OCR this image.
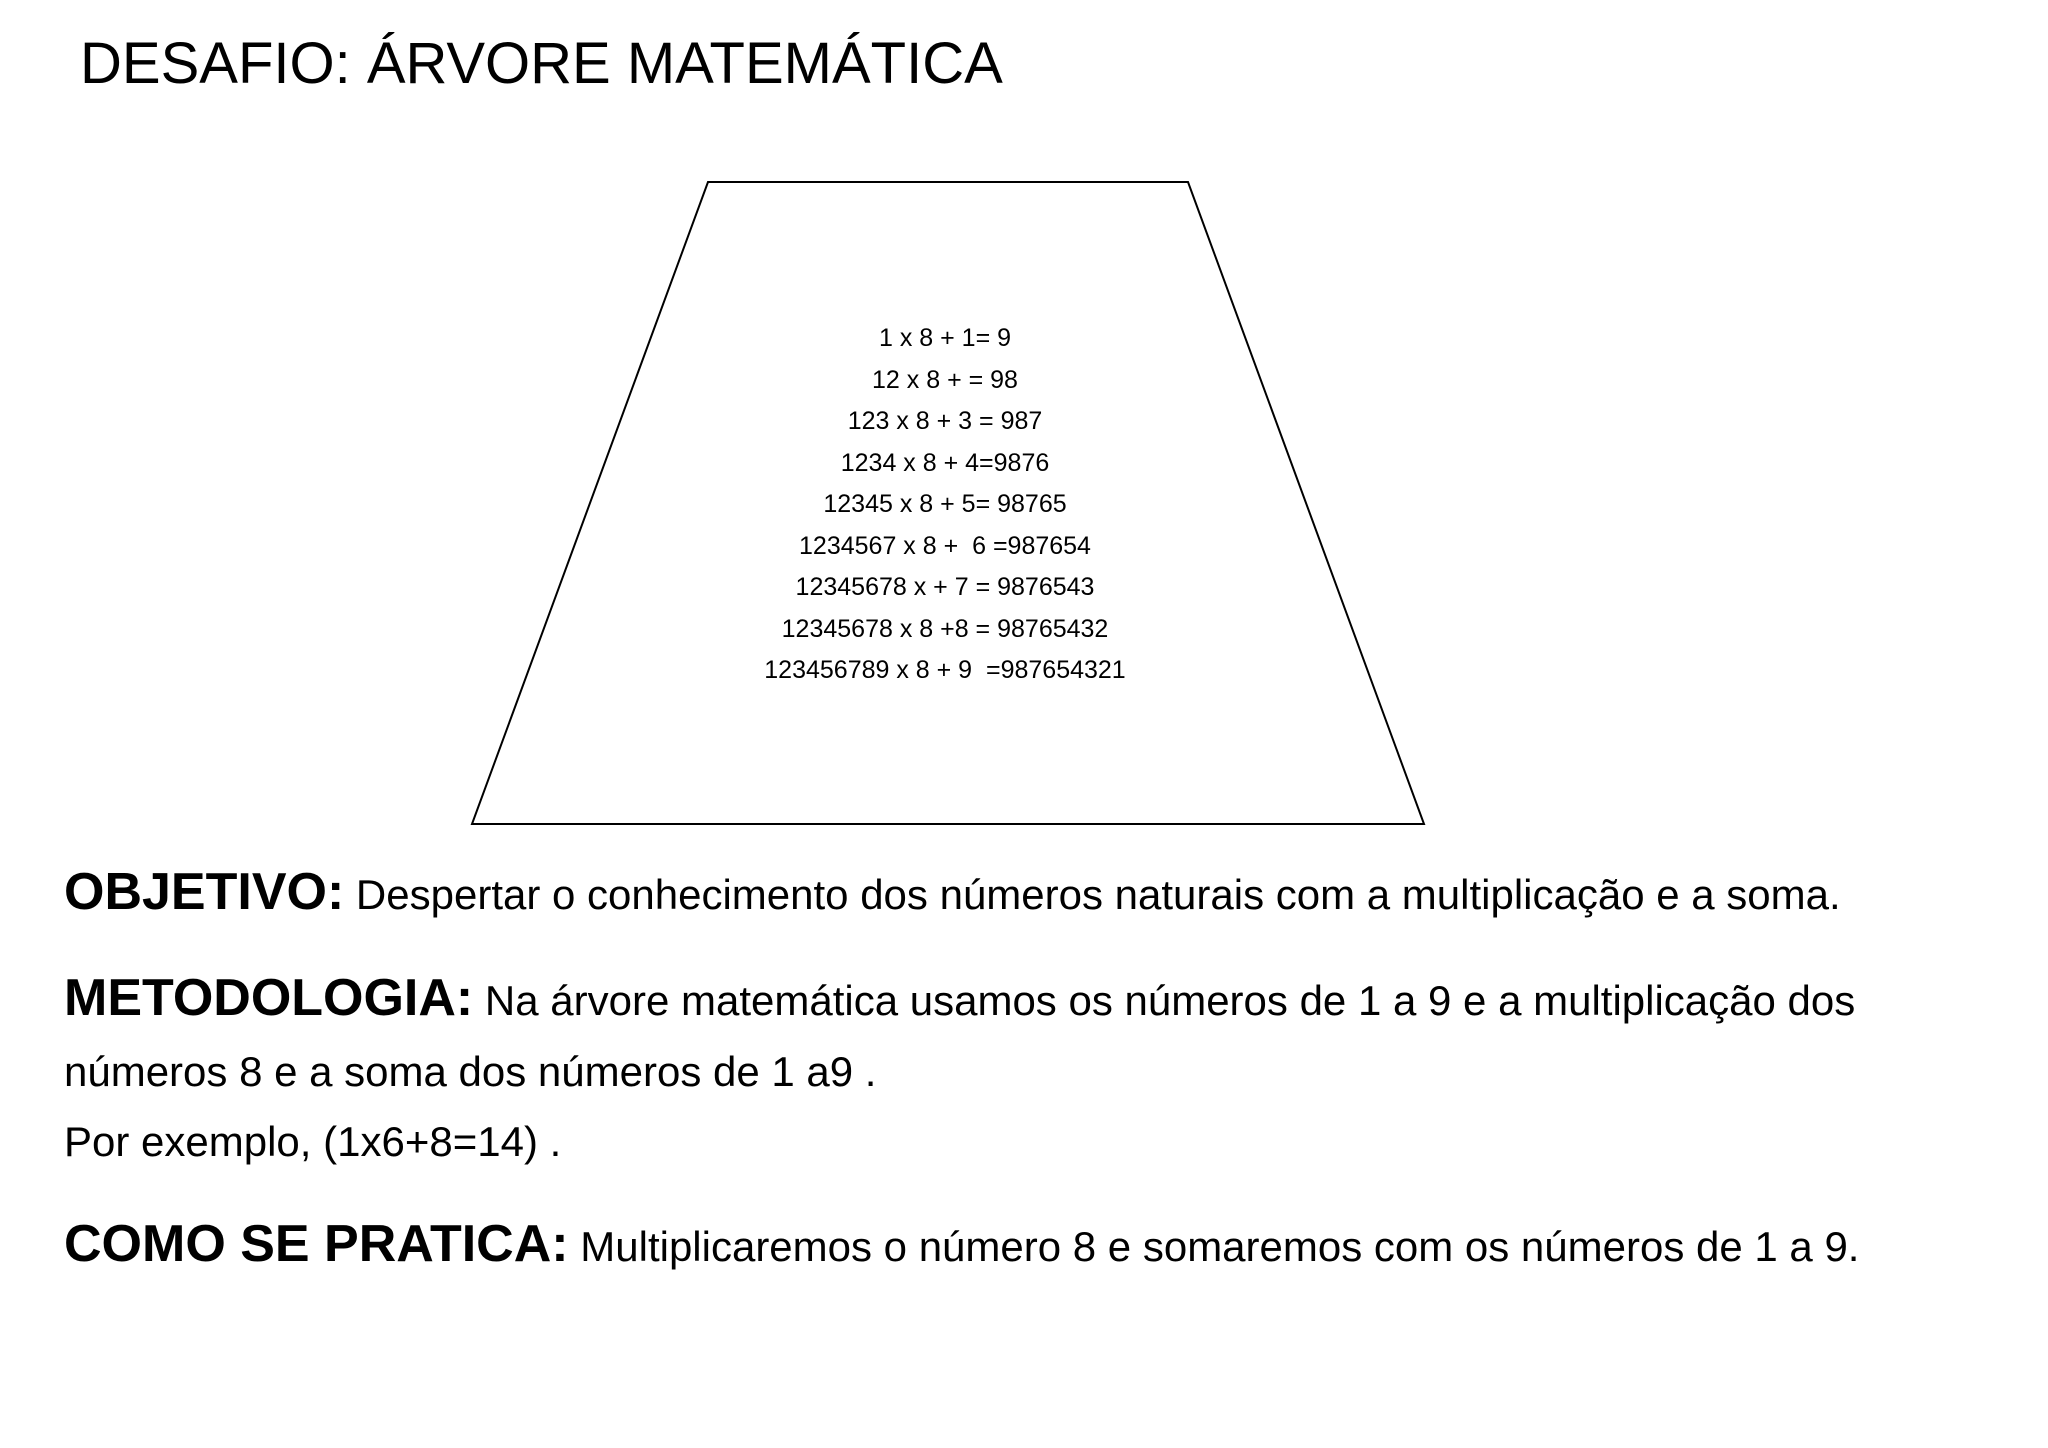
DESAFIO: ÁRVORE MATEMÁTICA
1 x 8 + 1= 9
12 x 8 + = 98
123 x 8 + 3 = 987
1234 x 8 + 4=9876
12345 x 8 + 5= 98765
1234567 x 8 +  6 =987654
12345678 x + 7 = 9876543
12345678 x 8 +8 = 98765432
123456789 x 8 + 9  =987654321
OBJETIVO: Despertar o conhecimento dos números naturais com a multiplicação e a soma.
METODOLOGIA: Na árvore matemática usamos os números de 1 a 9 e a multiplicação dos
números 8 e a soma dos números de 1 a9 .
Por exemplo, (1x6+8=14) .
COMO SE PRATICA: Multiplicaremos o número 8 e somaremos com os números de 1 a 9.
